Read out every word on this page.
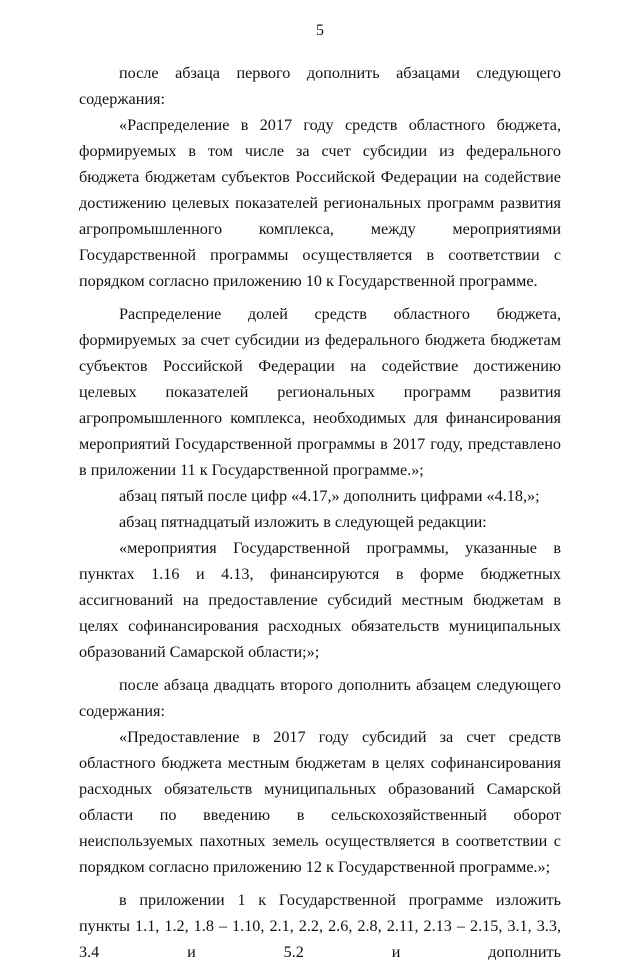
5

после абзаца первого дополнить абзацами следующего содержания:

«Распределение в 2017 году средств областного бюджета, формируемых в том числе за счет субсидии из федерального бюджета бюджетам субъектов Российской Федерации на содействие достижению целевых показателей региональных программ развития агропромышленного комплекса, между мероприятиями Государственной программы осуществляется в соответствии с порядком согласно приложению 10 к Государственной программе.

Распределение долей средств областного бюджета, формируемых за счет субсидии из федерального бюджета бюджетам субъектов Российской Федерации на содействие достижению целевых показателей региональных программ развития агропромышленного комплекса, необходимых для финансирования мероприятий Государственной программы в 2017 году, представлено в приложении 11 к Государственной программе.»;

абзац пятый после цифр «4.17,» дополнить цифрами «4.18,»;

абзац пятнадцатый изложить в следующей редакции:

«мероприятия Государственной программы, указанные в пунктах 1.16 и 4.13, финансируются в форме бюджетных ассигнований на предоставление субсидий местным бюджетам в целях софинансирования расходных обязательств муниципальных образований Самарской области;»;

после абзаца двадцать второго дополнить абзацем следующего содержания:

«Предоставление в 2017 году субсидий за счет средств областного бюджета местным бюджетам в целях софинансирования расходных обязательств муниципальных образований Самарской области по введению в сельскохозяйственный оборот неиспользуемых пахотных земель осуществляется в соответствии с порядком согласно приложению 12 к Государственной программе.»;

в приложении 1 к Государственной программе изложить пункты 1.1, 1.2, 1.8 – 1.10, 2.1, 2.2, 2.6, 2.8, 2.11, 2.13 – 2.15, 3.1, 3.3, 3.4 и 5.2 и дополнить
